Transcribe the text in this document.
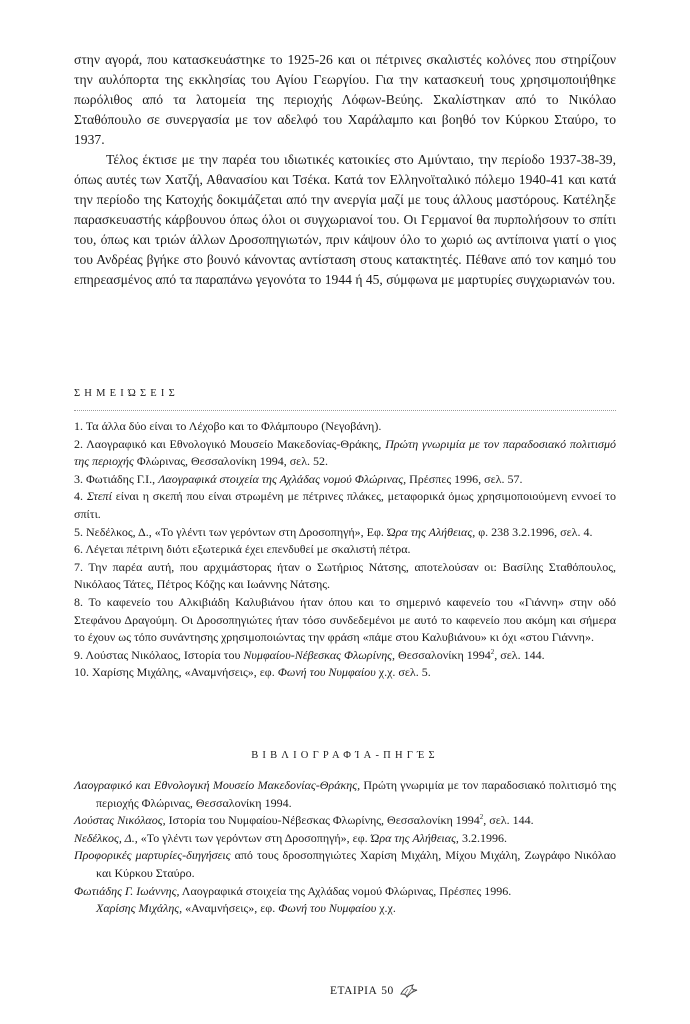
στην αγορά, που κατασκευάστηκε το 1925-26 και οι πέτρινες σκαλιστές κολόνες που στηρίζουν την αυλόπορτα της εκκλησίας του Αγίου Γεωργίου. Για την κατασκευή τους χρησιμοποιήθηκε πωρόλιθος από τα λατομεία της περιοχής Λόφων-Βεύης. Σκαλίστηκαν από το Νικόλαο Σταθόπουλο σε συνεργασία με τον αδελφό του Χαράλαμπο και βοηθό τον Κύρκου Σταύρο, το 1937.

Τέλος έκτισε με την παρέα του ιδιωτικές κατοικίες στο Αμύνταιο, την περίοδο 1937-38-39, όπως αυτές των Χατζή, Αθανασίου και Τσέκα. Κατά τον Ελληνοϊταλικό πόλεμο 1940-41 και κατά την περίοδο της Κατοχής δοκιμάζεται από την ανεργία μαζί με τους άλλους μαστόρους. Κατέληξε παρασκευαστής κάρβουνου όπως όλοι οι συγχωριανοί του. Οι Γερμανοί θα πυρπολήσουν το σπίτι του, όπως και τριών άλλων Δροσοπηγιωτών, πριν κάψουν όλο το χωριό ως αντίποινα γιατί ο γιος του Ανδρέας βγήκε στο βουνό κάνοντας αντίσταση στους κατακτητές. Πέθανε από τον καημό του επηρεασμένος από τα παραπάνω γεγονότα το 1944 ή 45, σύμφωνα με μαρτυρίες συγχωριανών του.

ΣΗΜΕΙΏΣΕΙΣ

1. Τα άλλα δύο είναι το Λέχοβο και το Φλάμπουρο (Νεγοβάνη).

2. Λαογραφικό και Εθνολογικό Μουσείο Μακεδονίας-Θράκης, Πρώτη γνωριμία με τον παραδοσιακό πολιτισμό της περιοχής Φλώρινας, Θεσσαλονίκη 1994, σελ. 52.

3. Φωτιάδης Γ.Ι., Λαογραφικά στοιχεία της Αχλάδας νομού Φλώρινας, Πρέσπες 1996, σελ. 57.

4. Στεπί είναι η σκεπή που είναι στρωμένη με πέτρινες πλάκες, μεταφορικά όμως χρησιμοποιούμενη εννοεί το σπίτι.

5. Νεδέλκος, Δ., «Το γλέντι των γερόντων στη Δροσοπηγή», Εφ. Ώρα της Αλήθειας, φ. 238 3.2.1996, σελ. 4.

6. Λέγεται πέτρινη διότι εξωτερικά έχει επενδυθεί με σκαλιστή πέτρα.

7. Την παρέα αυτή, που αρχιμάστορας ήταν ο Σωτήριος Νάτσης, αποτελούσαν οι: Βασίλης Σταθόπουλος, Νικόλαος Τάτες, Πέτρος Κόζης και Ιωάννης Νάτσης.

8. Το καφενείο του Αλκιβιάδη Καλυβιάνου ήταν όπου και το σημερινό καφενείο του «Γιάννη» στην οδό Στεφάνου Δραγούμη. Οι Δροσοπηγιώτες ήταν τόσο συνδεδεμένοι με αυτό το καφενείο που ακόμη και σήμερα το έχουν ως τόπο συνάντησης χρησιμοποιώντας την φράση «πάμε στου Καλυβιάνου» κι όχι «στου Γιάννη».

9. Λούστας Νικόλαος, Ιστορία του Νυμφαίου-Νέβεσκας Φλωρίνης, Θεσσαλονίκη 1994$^2$, σελ. 144.

10. Χαρίσης Μιχάλης, «Αναμνήσεις», εφ. Φωνή του Νυμφαίου χ.χ. σελ. 5.

ΒΙΒΛΙΟΓΡΑΦΊΑ-ΠΗΓΈΣ

Λαογραφικό και Εθνολογική Μουσείο Μακεδονίας-Θράκης, Πρώτη γνωριμία με τον παραδοσιακό πολιτισμό της περιοχής Φλώρινας, Θεσσαλονίκη 1994.

Λούστας Νικόλαος, Ιστορία του Νυμφαίου-Νέβεσκας Φλωρίνης, Θεσσαλονίκη 1994$^2$, σελ. 144.

Νεδέλκος, Δ., «Το γλέντι των γερόντων στη Δροσοπηγή», εφ. Ώρα της Αλήθειας, 3.2.1996.

Προφορικές μαρτυρίες-διηγήσεις από τους δροσοπηγιώτες Χαρίση Μιχάλη, Μίχου Μιχάλη, Ζωγράφο Νικόλαο και Κύρκου Σταύρο.

Φωτιάδης Γ. Ιωάννης, Λαογραφικά στοιχεία της Αχλάδας νομού Φλώρινας, Πρέσπες 1996.

Χαρίσης Μιχάλης, «Αναμνήσεις», εφ. Φωνή του Νυμφαίου χ.χ.

ΕΤΑΙΡΙΑ 50
